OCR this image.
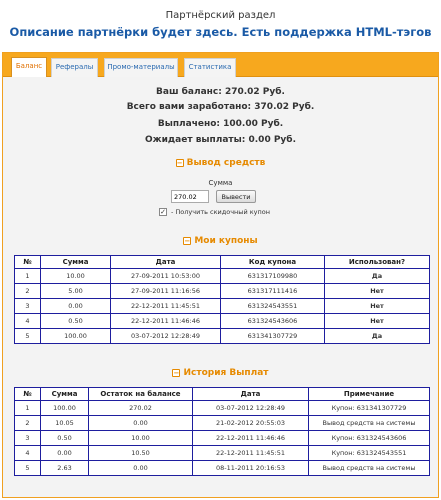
Партнёрский раздел
Описание партнёрки будет здесь. Есть поддержка HTML-тэгов
Баланс	Рефералы	Промо-материалы	Статистика
Ваш баланс: 270.02 Руб.
Всего вами заработано: 370.02 Руб.
Выплачено: 100.00 Руб.
Ожидает выплаты: 0.00 Руб.
− Вывод средств
Сумма
270.02
Вывести
✓ - Получить скидочный купон
− Мои купоны
№	Сумма	Дата	Код купона	Использован?
1	10.00	27-09-2011 10:53:00	631317109980	Да
2	5.00	27-09-2011 11:16:56	631317111416	Нет
3	0.00	22-12-2011 11:45:51	631324543551	Нет
4	0.50	22-12-2011 11:46:46	631324543606	Нет
5	100.00	03-07-2012 12:28:49	631341307729	Да
− История Выплат
№	Сумма	Остаток на балансе	Дата	Примечание
1	100.00	270.02	03-07-2012 12:28:49	Купон: 631341307729
2	10.05	0.00	21-02-2012 20:55:03	Вывод средств на системы
3	0.50	10.00	22-12-2011 11:46:46	Купон: 631324543606
4	0.00	10.50	22-12-2011 11:45:51	Купон: 631324543551
5	2.63	0.00	08-11-2011 20:16:53	Вывод средств на системы
